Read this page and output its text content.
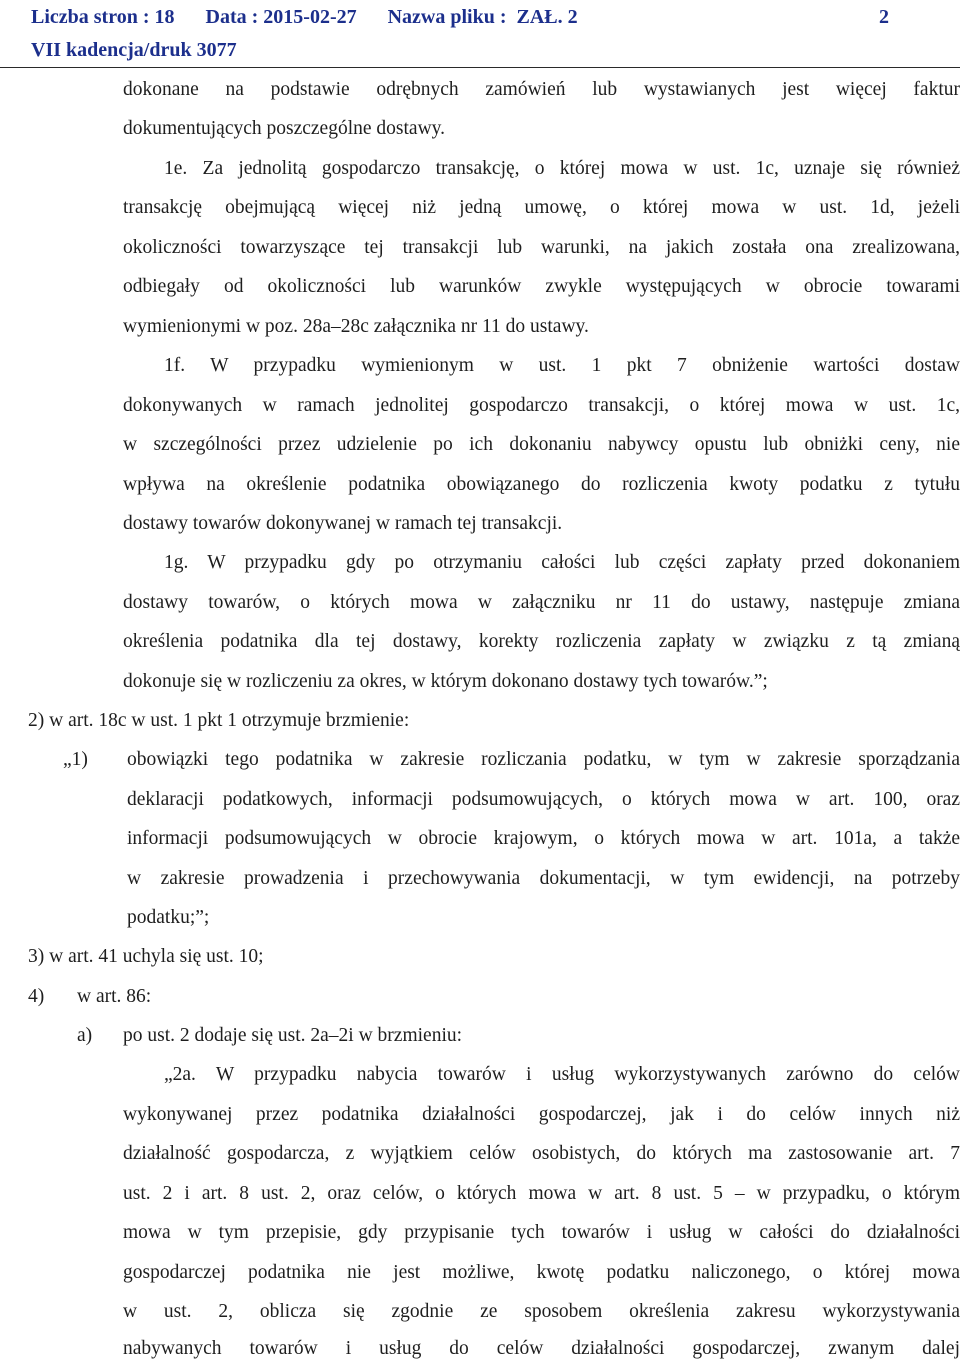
Liczba stron : 18 Data : 2015-02-27 Nazwa pliku : ZAŁ. 2	2
VII kadencja/druk 3077
dokonane na podstawie odrębnych zamówień lub wystawianych jest więcej faktur
dokumentujących poszczególne dostawy.
1e. Za jednolitą gospodarczo transakcję, o której mowa w ust. 1c, uznaje się również
transakcję obejmującą więcej niż jedną umowę, o której mowa w ust. 1d, jeżeli
okoliczności towarzyszące tej transakcji lub warunki, na jakich została ona zrealizowana,
odbiegały od okoliczności lub warunków zwykle występujących w obrocie towarami
wymienionymi w poz. 28a–28c załącznika nr 11 do ustawy.
1f. W przypadku wymienionym w ust. 1 pkt 7 obniżenie wartości dostaw
dokonywanych w ramach jednolitej gospodarczo transakcji, o której mowa w ust. 1c,
w szczególności przez udzielenie po ich dokonaniu nabywcy opustu lub obniżki ceny, nie
wpływa na określenie podatnika obowiązanego do rozliczenia kwoty podatku z tytułu
dostawy towarów dokonywanej w ramach tej transakcji.
1g. W przypadku gdy po otrzymaniu całości lub części zapłaty przed dokonaniem
dostawy towarów, o których mowa w załączniku nr 11 do ustawy, następuje zmiana
określenia podatnika dla tej dostawy, korekty rozliczenia zapłaty w związku z tą zmianą
dokonuje się w rozliczeniu za okres, w którym dokonano dostawy tych towarów.”;
2) w art. 18c w ust. 1 pkt 1 otrzymuje brzmienie:
„1) obowiązki tego podatnika w zakresie rozliczania podatku, w tym w zakresie sporządzania
deklaracji podatkowych, informacji podsumowujących, o których mowa w art. 100, oraz
informacji podsumowujących w obrocie krajowym, o których mowa w art. 101a, a także
w zakresie prowadzenia i przechowywania dokumentacji, w tym ewidencji, na potrzeby
podatku;”;
3) w art. 41 uchyla się ust. 10;
4) w art. 86:
a) po ust. 2 dodaje się ust. 2a–2i w brzmieniu:
„2a. W przypadku nabycia towarów i usług wykorzystywanych zarówno do celów
wykonywanej przez podatnika działalności gospodarczej, jak i do celów innych niż
działalność gospodarcza, z wyjątkiem celów osobistych, do których ma zastosowanie art. 7
ust. 2 i art. 8 ust. 2, oraz celów, o których mowa w art. 8 ust. 5 – w przypadku, o którym
mowa w tym przepisie, gdy przypisanie tych towarów i usług w całości do działalności
gospodarczej podatnika nie jest możliwe, kwotę podatku naliczonego, o której mowa
w ust. 2, oblicza się zgodnie ze sposobem określenia zakresu wykorzystywania
nabywanych towarów i usług do celów działalności gospodarczej, zwanym dalej
